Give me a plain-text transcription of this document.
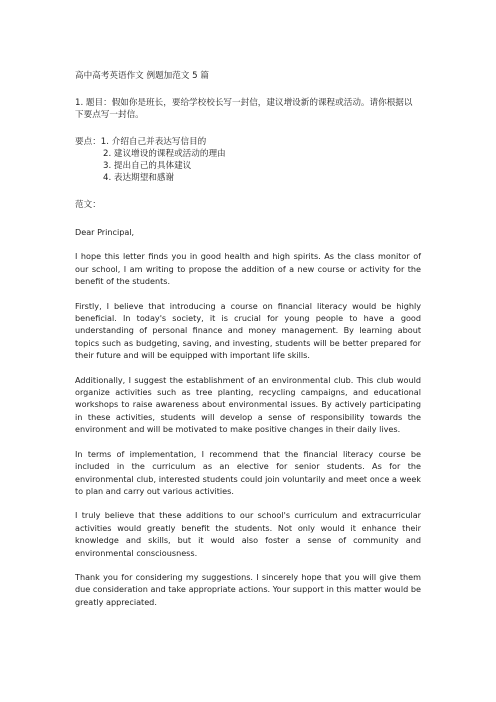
高中高考英语作文 例题加范文 5 篇
1. 题目：假如你是班长，要给学校校长写一封信，建议增设新的课程或活动。请你根据以下要点写一封信。
要点：1. 介绍自己并表达写信目的
2. 建议增设的课程或活动的理由
3. 提出自己的具体建议
4. 表达期望和感谢
范文：

Dear Principal,

I hope this letter finds you in good health and high spirits. As the class monitor of our school, I am writing to propose the addition of a new course or activity for the benefit of the students.

Firstly, I believe that introducing a course on financial literacy would be highly beneficial. In today's society, it is crucial for young people to have a good understanding of personal finance and money management. By learning about topics such as budgeting, saving, and investing, students will be better prepared for their future and will be equipped with important life skills.

Additionally, I suggest the establishment of an environmental club. This club would organize activities such as tree planting, recycling campaigns, and educational workshops to raise awareness about environmental issues. By actively participating in these activities, students will develop a sense of responsibility towards the environment and will be motivated to make positive changes in their daily lives.

In terms of implementation, I recommend that the financial literacy course be included in the curriculum as an elective for senior students. As for the environmental club, interested students could join voluntarily and meet once a week to plan and carry out various activities.

I truly believe that these additions to our school's curriculum and extracurricular activities would greatly benefit the students. Not only would it enhance their knowledge and skills, but it would also foster a sense of community and environmental consciousness.

Thank you for considering my suggestions. I sincerely hope that you will give them due consideration and take appropriate actions. Your support in this matter would be greatly appreciated.
